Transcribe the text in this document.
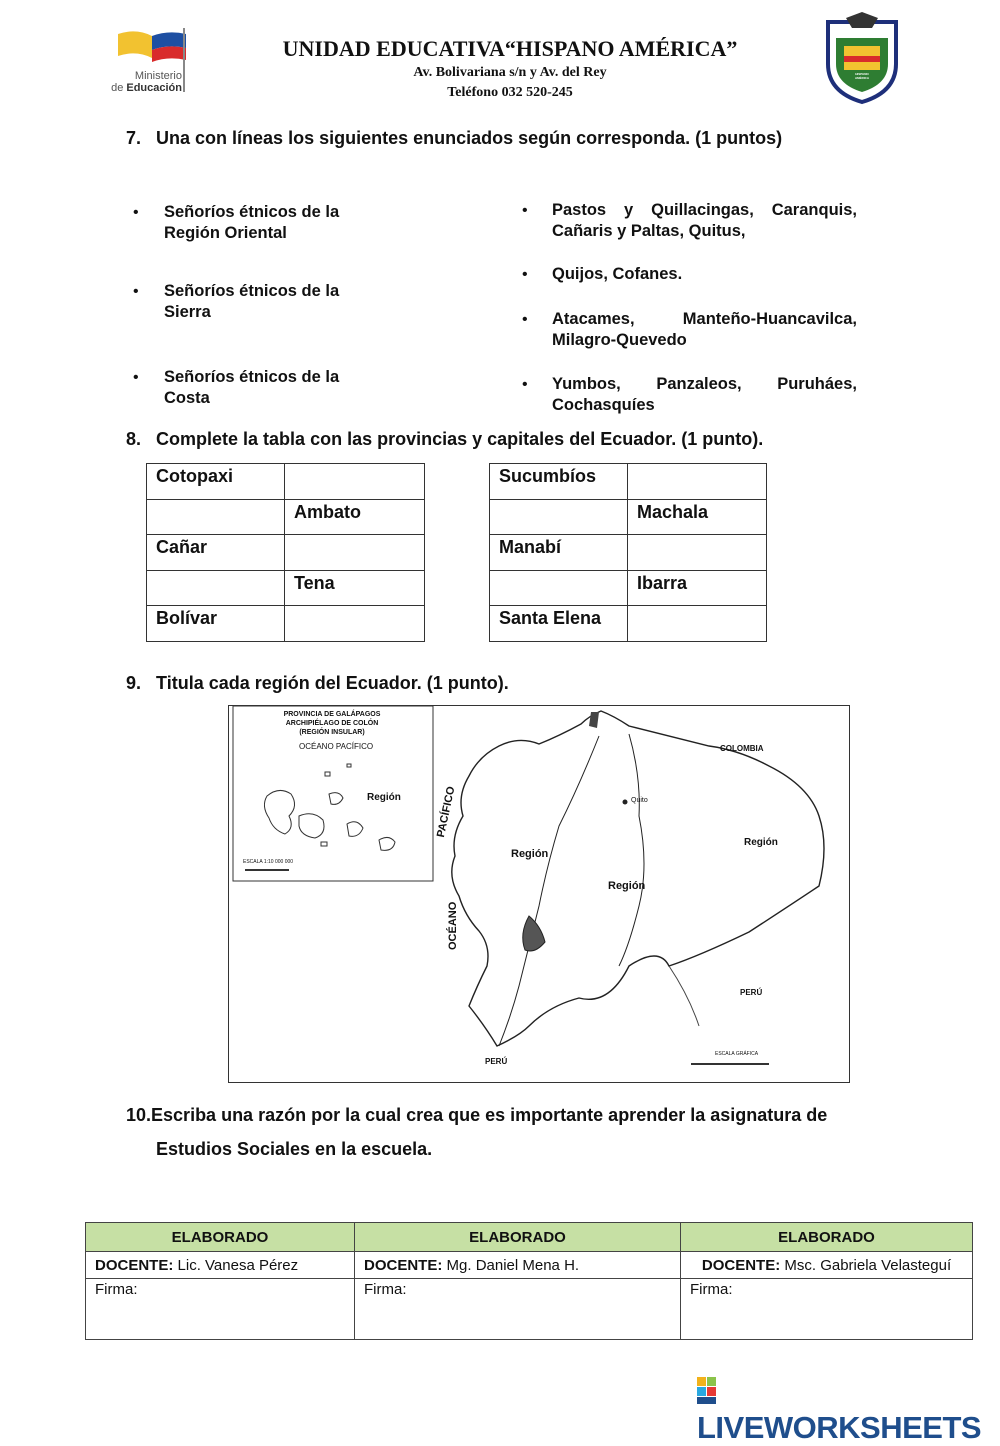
Ministerio
de Educación
UNIDAD EDUCATIVA“HISPANO AMÉRICA”
Av. Bolivariana s/n y Av. del Rey
Teléfono 032 520-245
HISPANO AMÉRICA
7. Una con líneas los siguientes enunciados según corresponda. (1 puntos)
• Señoríos étnicos de la
Región Oriental
• Señoríos étnicos de la
Sierra
• Señoríos étnicos de la
Costa
• Pastos y Quillacingas, Caranquis,
Cañaris y Paltas, Quitus,
• Quijos, Cofanes.
• Atacames, Manteño-Huancavilca,
Milagro-Quevedo
• Yumbos, Panzaleos, Puruháes,
Cochasquíes
8. Complete la tabla con las provincias y capitales del Ecuador. (1 punto).
Cotopaxi	
	Ambato
Cañar	
	Tena
Bolívar	
Sucumbíos	
	Machala
Manabí	
	Ibarra
Santa Elena	
9. Titula cada región del Ecuador. (1 punto).
PROVINCIA DE GALÁPAGOS
ARCHIPIÉLAGO DE COLÓN
(REGIÓN INSULAR)
OCÉANO PACÍFICO
Región
ESCALA 1:10 000 000
COLOMBIA
Quito
Región
Región
Región
PERÚ
PERÚ
PACÍFICO
OCÉANO
ESCALA GRÁFICA
10.Escriba una razón por la cual crea que es importante aprender la asignatura de
Estudios Sociales en la escuela.
ELABORADO	ELABORADO	ELABORADO
DOCENTE: Lic. Vanesa Pérez	DOCENTE: Mg. Daniel Mena H.	DOCENTE: Msc. Gabriela Velasteguí
Firma:	Firma:	Firma:
LIVEWORKSHEETS
